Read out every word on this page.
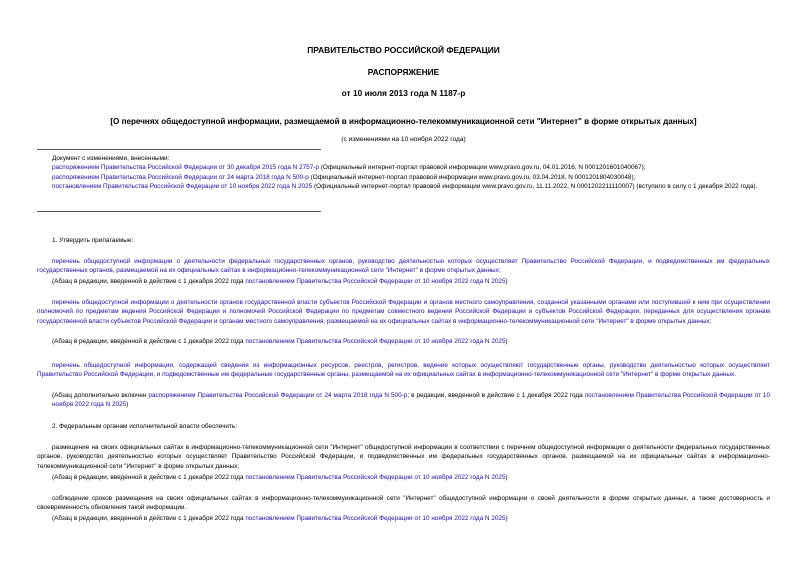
ПРАВИТЕЛЬСТВО РОССИЙСКОЙ ФЕДЕРАЦИИ
РАСПОРЯЖЕНИЕ
от 10 июля 2013 года N 1187-р
[О перечнях общедоступной информации, размещаемой в информационно-телекоммуникационной сети "Интернет" в форме открытых данных]
(с изменениями на 10 ноября 2022 года)
Документ с изменениями, внесенными:
распоряжением Правительства Российской Федерации от 30 декабря 2015 года N 2757-р (Официальный интернет-портал правовой информации www.pravo.gov.ru, 04.01.2016, N 0001201601040067);
распоряжением Правительства Российской Федерации от 24 марта 2018 года N 500-р (Официальный интернет-портал правовой информации www.pravo.gov.ru, 03.04.2018, N 0001201804030048);
постановлением Правительства Российской Федерации от 10 ноября 2022 года N 2025 (Официальный интернет-портал правовой информации www.pravo.gov.ru, 11.11.2022, N 0001202211110007) (вступило в силу с 1 декабря 2022 года).
1. Утвердить прилагаемые:
перечень общедоступной информации о деятельности федеральных государственных органов, руководство деятельностью которых осуществляет Правительство Российской Федерации, и подведомственных им федеральных государственных органов, размещаемой на их официальных сайтах в информационно-телекоммуникационной сети "Интернет" в форме открытых данных;
(Абзац в редакции, введенной в действие с 1 декабря 2022 года постановлением Правительства Российской Федерации от 10 ноября 2022 года N 2025)
перечень общедоступной информации о деятельности органов государственной власти субъектов Российской Федерации и органов местного самоуправления, созданной указанными органами или поступившей к ним при осуществлении полномочий по предметам ведения Российской Федерации и полномочий Российской Федерации по предметам совместного ведения Российской Федерации и субъектов Российской Федерации, переданных для осуществления органам государственной власти субъектов Российской Федерации и органам местного самоуправления, размещаемой на их официальных сайтах в информационно-телекоммуникационной сети "Интернет" в форме открытых данных;
(Абзац в редакции, введенной в действие с 1 декабря 2022 года постановлением Правительства Российской Федерации от 10 ноября 2022 года N 2025)
перечень общедоступной информации, содержащей сведения из информационных ресурсов, реестров, регистров, ведение которых осуществляют государственные органы, руководство деятельностью которых осуществляет Правительство Российской Федерации, и подведомственные им федеральные государственные органы, размещаемой на их официальных сайтах в информационно-телекоммуникационной сети "Интернет" в форме открытых данных.
(Абзац дополнительно включен распоряжением Правительства Российской Федерации от 24 марта 2018 года N 500-р; в редакции, введенной в действие с 1 декабря 2022 года постановлением Правительства Российской Федерации от 10 ноября 2022 года N 2025)
2. Федеральным органам исполнительной власти обеспечить:
размещение на своих официальных сайтах в информационно-телекоммуникационной сети "Интернет" общедоступной информации в соответствии с перечнем общедоступной информации о деятельности федеральных государственных органов, руководство деятельностью которых осуществляет Правительство Российской Федерации, и подведомственных им федеральных государственных органов, размещаемой на их официальных сайтах в информационно-телекоммуникационной сети "Интернет" в форме открытых данных;
(Абзац в редакции, введенной в действие с 1 декабря 2022 года постановлением Правительства Российской Федерации от 10 ноября 2022 года N 2025)
соблюдение сроков размещения на своих официальных сайтах в информационно-телекоммуникационной сети "Интернет" общедоступной информации о своей деятельности в форме открытых данных, а также достоверность и своевременность обновления такой информации.
(Абзац в редакции, введенной в действие с 1 декабря 2022 года постановлением Правительства Российской Федерации от 10 ноября 2022 года N 2025)
